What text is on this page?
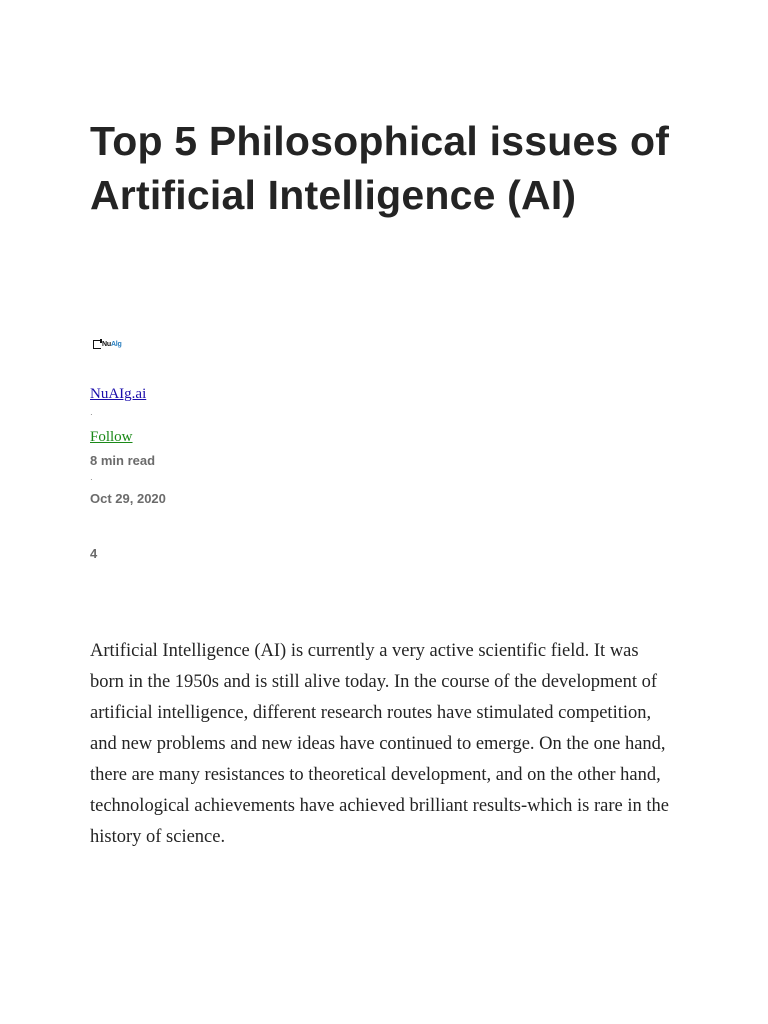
Top 5 Philosophical issues of Artificial Intelligence (AI)
NuAlg
NuAIg.ai
·
Follow
8 min read
·
Oct 29, 2020
4

Artificial Intelligence (AI) is currently a very active scientific field. It was born in the 1950s and is still alive today. In the course of the development of artificial intelligence, different research routes have stimulated competition, and new problems and new ideas have continued to emerge. On the one hand, there are many resistances to theoretical development, and on the other hand, technological achievements have achieved brilliant results-which is rare in the history of science.
